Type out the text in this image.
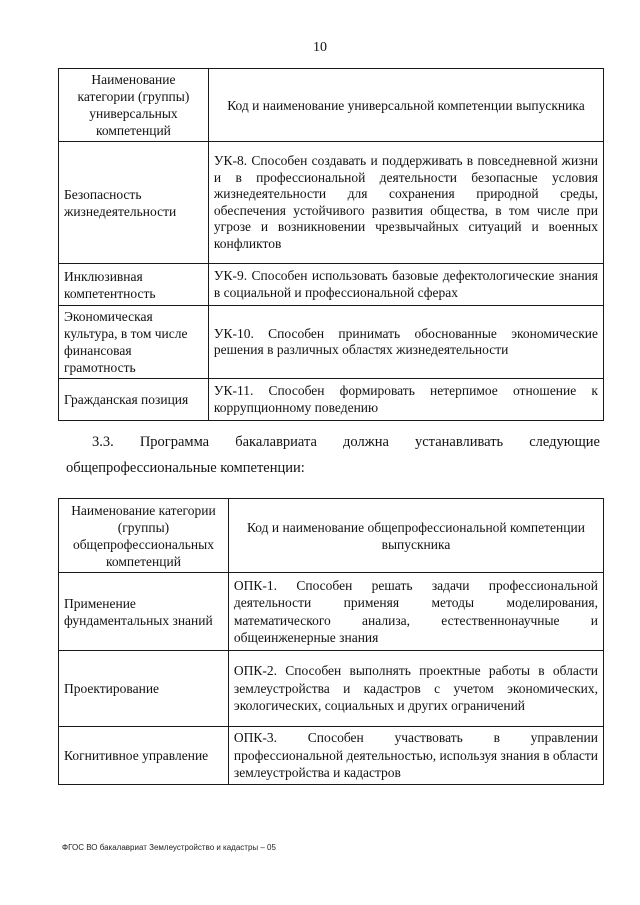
10
Наименование категории (группы) универсальных компетенций	Код и наименование универсальной компетенции выпускника
Безопасность жизнедеятельности	УК-8. Способен создавать и поддерживать в повседневной жизни и в профессиональной деятельности безопасные условия жизнедеятельности для сохранения природной среды, обеспечения устойчивого развития общества, в том числе при угрозе и возникновении чрезвычайных ситуаций и военных конфликтов
Инклюзивная компетентность	УК-9. Способен использовать базовые дефектологические знания в социальной и профессиональной сферах
Экономическая культура, в том числе финансовая грамотность	УК-10. Способен принимать обоснованные экономические решения в различных областях жизнедеятельности
Гражданская позиция	УК-11. Способен формировать нетерпимое отношение к коррупционному поведению
3.3. Программа бакалавриата должна устанавливать следующие
общепрофессиональные компетенции:
Наименование категории (группы) общепрофессиональных компетенций	Код и наименование общепрофессиональной компетенции выпускника
Применение фундаментальных знаний	ОПК-1. Способен решать задачи профессиональной деятельности применяя методы моделирования, математического анализа, естественнонаучные и общеинженерные знания
Проектирование	ОПК-2. Способен выполнять проектные работы в области землеустройства и кадастров с учетом экономических, экологических, социальных и других ограничений
Когнитивное управление	ОПК-3. Способен участвовать в управлении профессиональной деятельностью, используя знания в области землеустройства и кадастров
ФГОС ВО бакалавриат Землеустройство и кадастры – 05
